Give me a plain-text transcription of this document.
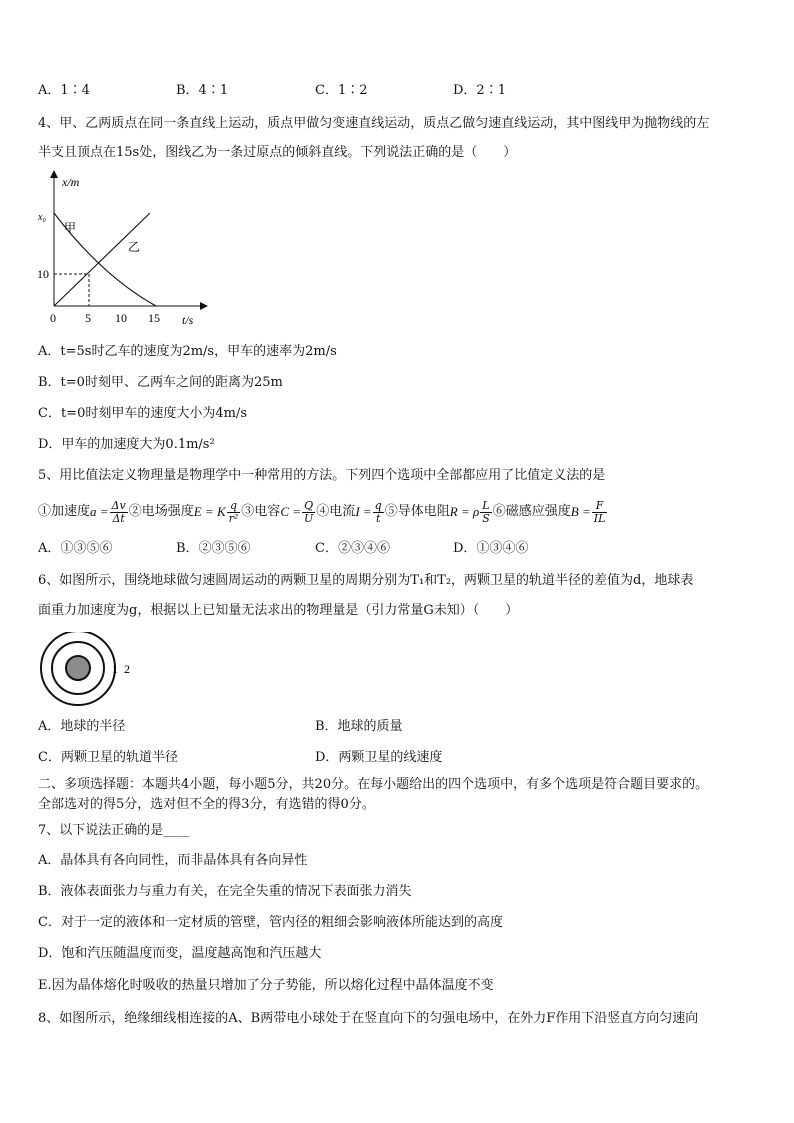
A．1∶4	B．4∶1	C．1∶2	D．2∶1
4、甲、乙两质点在同一条直线上运动，质点甲做匀变速直线运动，质点乙做匀速直线运动，其中图线甲为抛物线的左
半支且顶点在15s处，图线乙为一条过原点的倾斜直线。下列说法正确的是（　　）
x/m
t/s
x₀
甲
乙
10
0 5 10 15
A．t=5s时乙车的速度为2m/s，甲车的速率为2m/s
B．t=0时刻甲、乙两车之间的距离为25m
C．t=0时刻甲车的速度大小为4m/s
D．甲车的加速度大为0.1m/s²
5、用比值法定义物理量是物理学中一种常用的方法。下列四个选项中全部都应用了比值定义法的是
①加速度 $a = \frac{\Delta v}{\Delta t}$ ②电场强度 E = K $\frac{q}{\text{r²}}$ ③电容 $C = \frac{Q}{U}$ ④电流 $I = \frac{q}{t}$ ⑤导体电阻 R = ρ $\frac{L}{S}$ ⑥磁感应强度 $B = \frac{F}{IL}$
A．①③⑤⑥	B．②③⑤⑥	C．②③④⑥	D．①③④⑥
6、如图所示，围绕地球做匀速圆周运动的两颗卫星的周期分别为T₁和T₂，两颗卫星的轨道半径的差值为d，地球表
面重力加速度为g，根据以上已知量无法求出的物理量是（引力常量G未知）（　　）
1 2
A．地球的半径	B．地球的质量
C．两颗卫星的轨道半径	D．两颗卫星的线速度
二、多项选择题：本题共4小题，每小题5分，共20分。在每小题给出的四个选项中，有多个选项是符合题目要求的。
全部选对的得5分，选对但不全的得3分，有选错的得0分。
7、以下说法正确的是____
A．晶体具有各向同性，而非晶体具有各向异性
B．液体表面张力与重力有关，在完全失重的情况下表面张力消失
C．对于一定的液体和一定材质的管壁，管内径的粗细会影响液体所能达到的高度
D．饱和汽压随温度而变，温度越高饱和汽压越大
E.因为晶体熔化时吸收的热量只增加了分子势能，所以熔化过程中晶体温度不变
8、如图所示，绝缘细线相连接的A、B两带电小球处于在竖直向下的匀强电场中，在外力F作用下沿竖直方向匀速向
